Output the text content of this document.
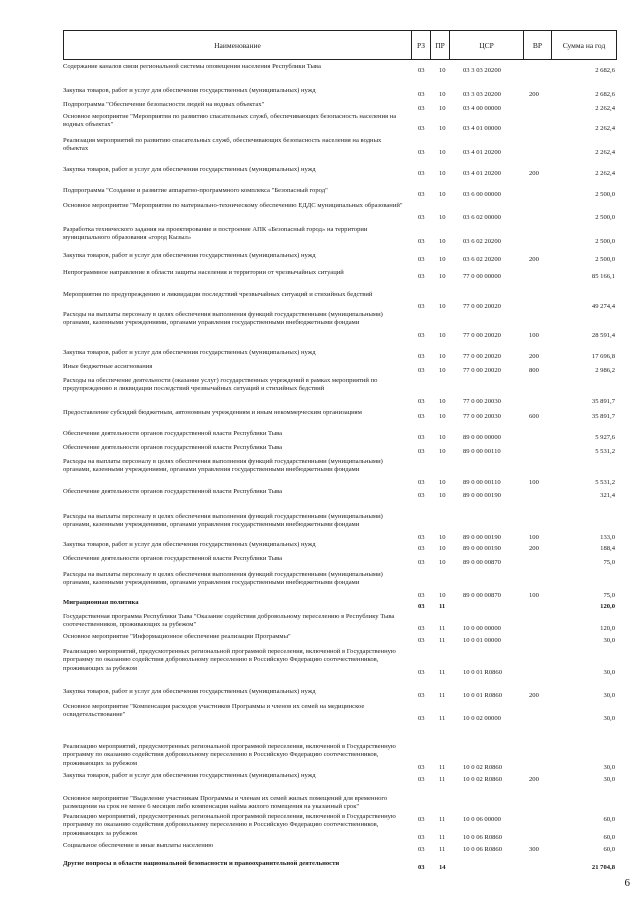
Наименование	РЗ	ПР	ЦСР	ВР	Сумма на год
Содержание каналов связи региональной системы оповещения населения Республики Тыва
03 10	03 3 03 20200	2 682,6
Закупка товаров, работ и услуг для обеспечения государственных (муниципальных) нужд
03 10	03 3 03 20200	200	2 682,6
Подпрограмма "Обеспечение безопасности людей на водных объектах"
03 10	03 4 00 00000	2 262,4
Основное мероприятие "Мероприятия по развитию спасательных служб, обеспечивающих безопасность населения на водных объектах"
03 10	03 4 01 00000	2 262,4
Реализация мероприятий по развитию спасательных служб, обеспечивающих безопасность населения на водных объектах
03 10	03 4 01 20200	2 262,4
Закупка товаров, работ и услуг для обеспечения государственных (муниципальных) нужд
03 10	03 4 01 20200	200	2 262,4
Подпрограмма "Создание и развитие аппаратно-программного комплекса "Безопасный город"
03 10	03 6 00 00000	2 500,0
Основное мероприятие "Мероприятия по материально-техническому обеспечению ЕДДС муниципальных образований"
03 10	03 6 02 00000	2 500,0
Разработка технического задания на проектирование и построение АПК «Безопасный город» на территории муниципального образования «город Кызыл»
03 10	03 6 02 20200	2 500,0
Закупка товаров, работ и услуг для обеспечения государственных (муниципальных) нужд
03 10	03 6 02 20200	200	2 500,0
Непрограммное направление в области защиты населения и территории от чрезвычайных ситуаций
03 10	77 0 00 00000	85 166,1
Мероприятия по предупреждению и ликвидации последствий чрезвычайных ситуаций и стихийных бедствий
03 10	77 0 00 20020	49 274,4
Расходы на выплаты персоналу в целях обеспечения выполнения функций государственными (муниципальными) органами, казенными учреждениями, органами управления государственными внебюджетными фондами
03 10	77 0 00 20020	100	28 591,4
Закупка товаров, работ и услуг для обеспечения государственных (муниципальных) нужд
03 10	77 0 00 20020	200	17 696,8
Иные бюджетные ассигнования
03 10	77 0 00 20020	800	2 986,2
Расходы на обеспечение деятельности (оказание услуг) государственных учреждений в рамках мероприятий по предупреждению и ликвидации последствий чрезвычайных ситуаций и стихийных бедствий
03 10	77 0 00 20030	35 891,7
Предоставление субсидий бюджетным, автономным учреждениям и иным некоммерческим организациям
03 10	77 0 00 20030	600	35 891,7
Обеспечение деятельности органов государственной власти Республики Тыва
03 10	89 0 00 00000	5 927,6
Обеспечение деятельности органов государственной власти Республики Тыва
03 10	89 0 00 00110	5 531,2
Расходы на выплаты персоналу в целях обеспечения выполнения функций государственными (муниципальными) органами, казенными учреждениями, органами управления государственными внебюджетными фондами
03 10	89 0 00 00110	100	5 531,2
Обеспечение деятельности органов государственной власти Республики Тыва
03 10	89 0 00 00190	321,4
Расходы на выплаты персоналу в целях обеспечения выполнения функций государственными (муниципальными) органами, казенными учреждениями, органами управления государственными внебюджетными фондами
03 10	89 0 00 00190	100	133,0
Закупка товаров, работ и услуг для обеспечения государственных (муниципальных) нужд
03 10	89 0 00 00190	200	188,4
Обеспечение деятельности органов государственной власти Республики Тыва
03 10	89 0 00 00870	75,0
Расходы на выплаты персоналу в целях обеспечения выполнения функций государственными (муниципальными) органами, казенными учреждениями, органами управления государственными внебюджетными фондами
03 10	89 0 00 00870	100	75,0
Миграционная политика
03 11	120,0
Государственная программа Республики Тыва "Оказание содействия добровольному переселению в Республику Тыва соотечественников, проживающих за рубежом"
03 11	10 0 00 00000	120,0
Основное мероприятие "Информационное обеспечение реализации Программы"
03 11	10 0 01 00000	30,0
Реализацию мероприятий, предусмотренных региональной программой переселения, включенной в Государственную программу по оказанию содействия добровольному переселению в Российскую Федерацию соотечественников, проживающих за рубежом
03 11	10 0 01 R0860	30,0
Закупка товаров, работ и услуг для обеспечения государственных (муниципальных) нужд
03 11	10 0 01 R0860	200	30,0
Основное мероприятие "Компенсация расходов участников Программы и членов их семей на медицинское освидетельствование"
03 11	10 0 02 00000	30,0
Реализацию мероприятий, предусмотренных региональной программой переселения, включенной в Государственную программу по оказанию содействия добровольному переселению в Российскую Федерацию соотечественников, проживающих за рубежом
03 11	10 0 02 R0860	30,0
Закупка товаров, работ и услуг для обеспечения государственных (муниципальных) нужд
03 11	10 0 02 R0860	200	30,0
Основное мероприятие "Выделение участникам Программы и членам их семей жилых помещений для временного размещения на срок не менее 6 месяцев либо компенсация найма жилого помещения на указанный срок"
03 11	10 0 06 00000	60,0
Реализацию мероприятий, предусмотренных региональной программой переселения, включенной в Государственную программу по оказанию содействия добровольному переселению в Российскую Федерацию соотечественников, проживающих за рубежом
03 11	10 0 06 R0860	60,0
Социальное обеспечение и иные выплаты населению
03 11	10 0 06 R0860	300	60,0
Другие вопросы в области национальной безопасности и правоохранительной деятельности
03 14	21 704,8
6
